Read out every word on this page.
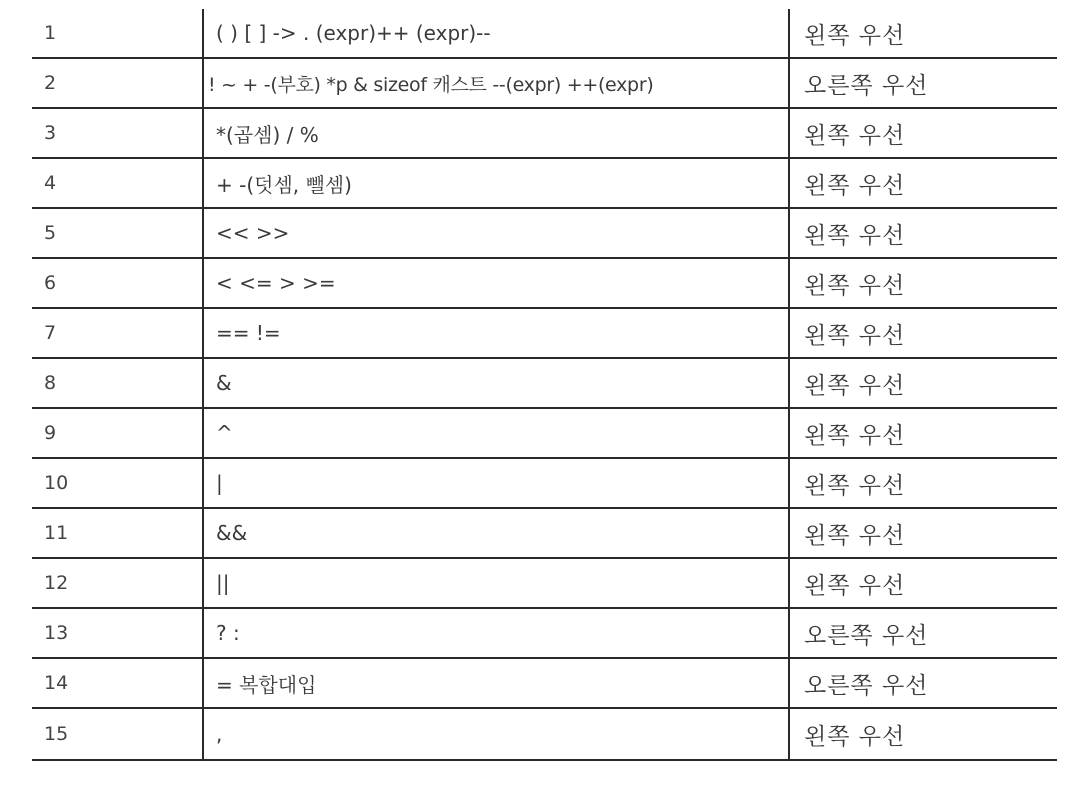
1	( ) [ ] -> . (expr)++ (expr)--	왼쪽 우선
2	! ~ + -(부호) *p & sizeof 캐스트 --(expr) ++(expr)	오른쪽 우선
3	*(곱셈) / %	왼쪽 우선
4	+ -(덧셈, 뺄셈)	왼쪽 우선
5	<< >>	왼쪽 우선
6	< <= > >=	왼쪽 우선
7	== !=	왼쪽 우선
8	&	왼쪽 우선
9	^	왼쪽 우선
10	|	왼쪽 우선
11	&&	왼쪽 우선
12	||	왼쪽 우선
13	? :	오른쪽 우선
14	= 복합대입	오른쪽 우선
15	,	왼쪽 우선
